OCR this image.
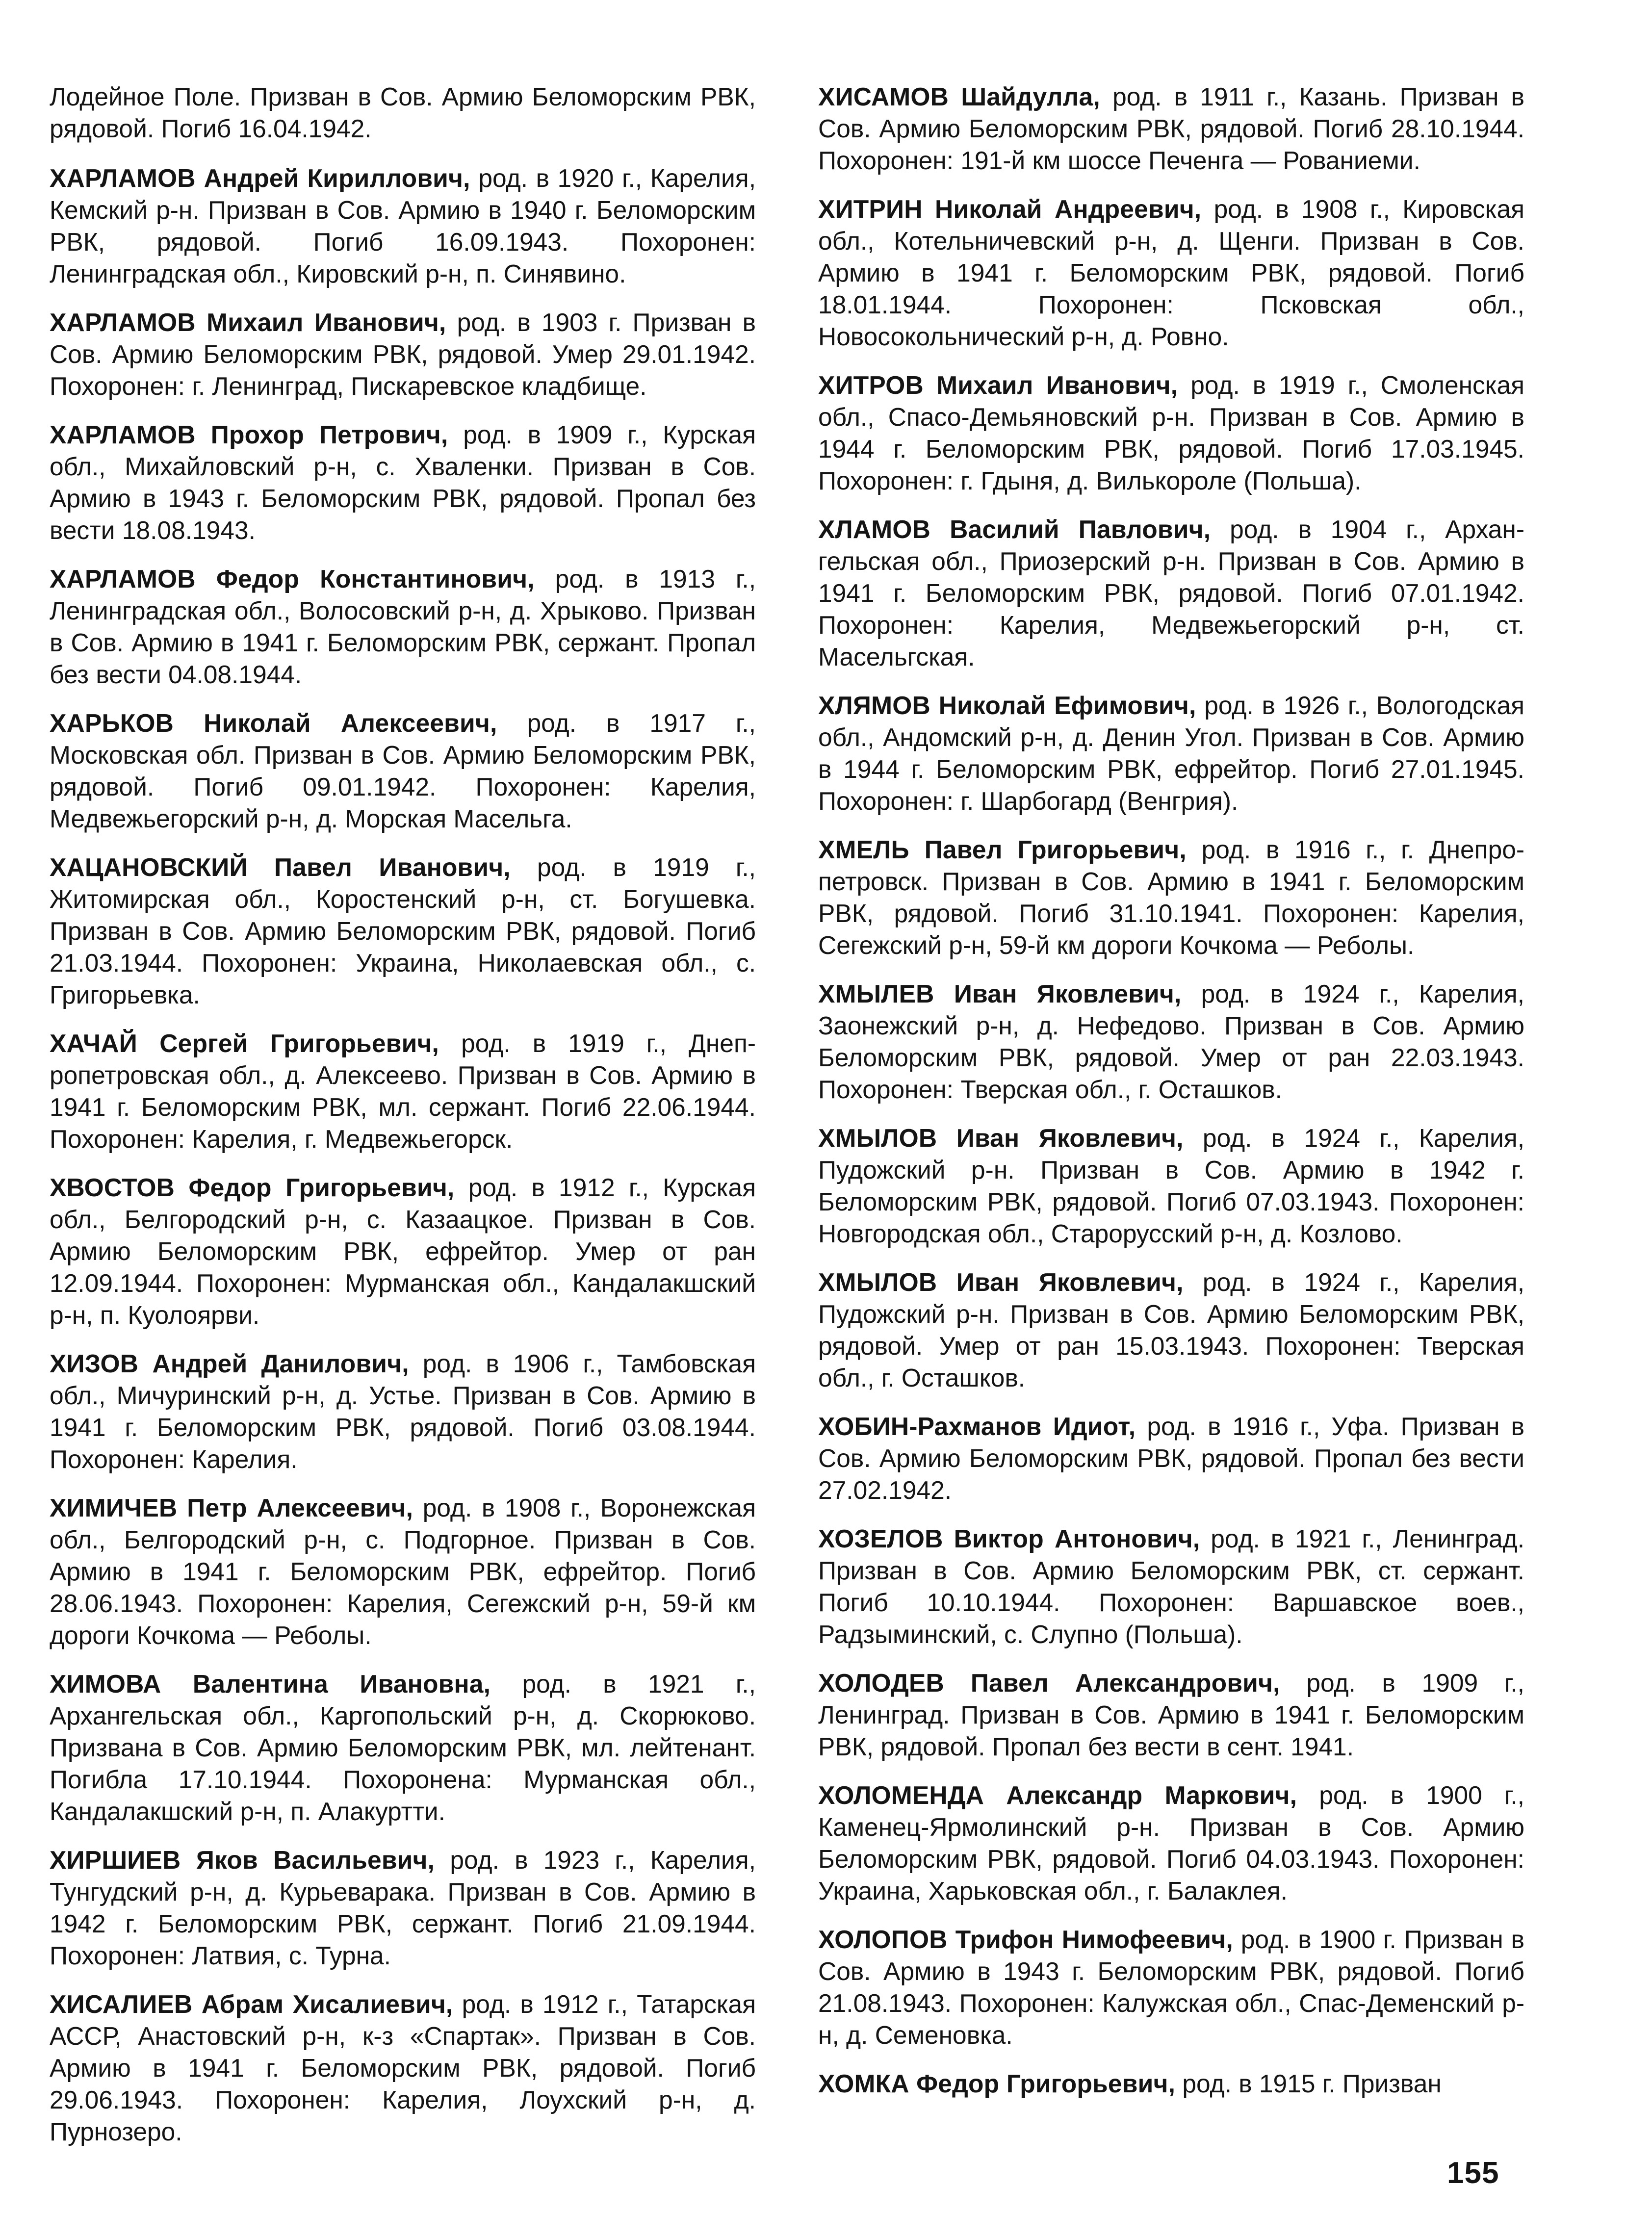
Лодейное Поле. Призван в Сов. Армию Беломорским РВК, рядовой. Погиб 16.04.1942.

ХАРЛАМОВ Андрей Кириллович, род. в 1920 г., Карелия, Кемский р-н. Призван в Сов. Армию в 1940 г. Беломорским РВК, рядовой. Погиб 16.09.1943. Похоронен: Ленинградская обл., Кировский р-н, п. Синявино.

ХАРЛАМОВ Михаил Иванович, род. в 1903 г. Призван в Сов. Армию Беломорским РВК, рядовой. Умер 29.01.1942. Похоронен: г. Ленинград, Пискаревское кладбище.

ХАРЛАМОВ Прохор Петрович, род. в 1909 г., Курская обл., Михайловский р-н, с. Хваленки. Призван в Сов. Армию в 1943 г. Беломорским РВК, рядовой. Пропал без вести 18.08.1943.

ХАРЛАМОВ Федор Константинович, род. в 1913 г., Ленинградская обл., Волосовский р-н, д. Хрыково. Призван в Сов. Армию в 1941 г. Беломорским РВК, сержант. Пропал без вести 04.08.1944.

ХАРЬКОВ Николай Алексеевич, род. в 1917 г., Московская обл. Призван в Сов. Армию Беломорским РВК, рядовой. Погиб 09.01.1942. Похоронен: Карелия, Медвежьегорский р-н, д. Морская Масельга.

ХАЦАНОВСКИЙ Павел Иванович, род. в 1919 г., Житомирская обл., Коростенский р-н, ст. Богушевка. Призван в Сов. Армию Беломорским РВК, рядовой. Погиб 21.03.1944. Похоронен: Украина, Николаевская обл., с. Григорьевка.

ХАЧАЙ Сергей Григорьевич, род. в 1919 г., Днепропетровская обл., д. Алексеево. Призван в Сов. Армию в 1941 г. Беломорским РВК, мл. сержант. Погиб 22.06.1944. Похоронен: Карелия, г. Медвежьегорск.

ХВОСТОВ Федор Григорьевич, род. в 1912 г., Курская обл., Белгородский р-н, с. Казаацкое. Призван в Сов. Армию Беломорским РВК, ефрейтор. Умер от ран 12.09.1944. Похоронен: Мурманская обл., Кандалакшский р-н, п. Куолоярви.

ХИЗОВ Андрей Данилович, род. в 1906 г., Тамбовская обл., Мичуринский р-н, д. Устье. Призван в Сов. Армию в 1941 г. Беломорским РВК, рядовой. Погиб 03.08.1944. Похоронен: Карелия.

ХИМИЧЕВ Петр Алексеевич, род. в 1908 г., Воронежская обл., Белгородский р-н, с. Подгорное. Призван в Сов. Армию в 1941 г. Беломорским РВК, ефрейтор. Погиб 28.06.1943. Похоронен: Карелия, Сегежский р-н, 59-й км дороги Кочкома — Реболы.

ХИМОВА Валентина Ивановна, род. в 1921 г., Архангельская обл., Каргопольский р-н, д. Скорюково. Призвана в Сов. Армию Беломорским РВК, мл. лейтенант. Погибла 17.10.1944. Похоронена: Мурманская обл., Кандалакшский р-н, п. Алакуртти.

ХИРШИЕВ Яков Васильевич, род. в 1923 г., Карелия, Тунгудский р-н, д. Курьеварака. Призван в Сов. Армию в 1942 г. Беломорским РВК, сержант. Погиб 21.09.1944. Похоронен: Латвия, с. Турна.

ХИСАЛИЕВ Абрам Хисалиевич, род. в 1912 г., Татарская АССР, Анастовский р-н, к-з «Спартак». Призван в Сов. Армию в 1941 г. Беломорским РВК, рядовой. Погиб 29.06.1943. Похоронен: Карелия, Лоухский р-н, д. Пурнозеро.

ХИСАМОВ Шайдулла, род. в 1911 г., Казань. Призван в Сов. Армию Беломорским РВК, рядовой. Погиб 28.10.1944. Похоронен: 191-й км шоссе Печенга — Рованиеми.

ХИТРИН Николай Андреевич, род. в 1908 г., Кировская обл., Котельничевский р-н, д. Щенги. Призван в Сов. Армию в 1941 г. Беломорским РВК, рядовой. Погиб 18.01.1944. Похоронен: Псковская обл., Новосокольнический р-н, д. Ровно.

ХИТРОВ Михаил Иванович, род. в 1919 г., Смоленская обл., Спасо-Демьяновский р-н. Призван в Сов. Армию в 1944 г. Беломорским РВК, рядовой. Погиб 17.03.1945. Похоронен: г. Гдыня, д. Вилькороле (Польша).

ХЛАМОВ Василий Павлович, род. в 1904 г., Архангельская обл., Приозерский р-н. Призван в Сов. Армию в 1941 г. Беломорским РВК, рядовой. Погиб 07.01.1942. Похоронен: Карелия, Медвежьегорский р-н, ст. Масельгская.

ХЛЯМОВ Николай Ефимович, род. в 1926 г., Вологодская обл., Андомский р-н, д. Денин Угол. Призван в Сов. Армию в 1944 г. Беломорским РВК, ефрейтор. Погиб 27.01.1945. Похоронен: г. Шарбогард (Венгрия).

ХМЕЛЬ Павел Григорьевич, род. в 1916 г., г. Днепропетровск. Призван в Сов. Армию в 1941 г. Беломорским РВК, рядовой. Погиб 31.10.1941. Похоронен: Карелия, Сегежский р-н, 59-й км дороги Кочкома — Реболы.

ХМЫЛЕВ Иван Яковлевич, род. в 1924 г., Карелия, Заонежский р-н, д. Нефедово. Призван в Сов. Армию Беломорским РВК, рядовой. Умер от ран 22.03.1943. Похоронен: Тверская обл., г. Осташков.

ХМЫЛОВ Иван Яковлевич, род. в 1924 г., Карелия, Пудожский р-н. Призван в Сов. Армию в 1942 г. Беломорским РВК, рядовой. Погиб 07.03.1943. Похоронен: Новгородская обл., Старорусский р-н, д. Козлово.

ХМЫЛОВ Иван Яковлевич, род. в 1924 г., Карелия, Пудожский р-н. Призван в Сов. Армию Беломорским РВК, рядовой. Умер от ран 15.03.1943. Похоронен: Тверская обл., г. Осташков.

ХОБИН-Рахманов Идиот, род. в 1916 г., Уфа. Призван в Сов. Армию Беломорским РВК, рядовой. Пропал без вести 27.02.1942.

ХОЗЕЛОВ Виктор Антонович, род. в 1921 г., Ленинград. Призван в Сов. Армию Беломорским РВК, ст. сержант. Погиб 10.10.1944. Похоронен: Варшавское воев., Радзыминский, с. Слупно (Польша).

ХОЛОДЕВ Павел Александрович, род. в 1909 г., Ленинград. Призван в Сов. Армию в 1941 г. Беломорским РВК, рядовой. Пропал без вести в сент. 1941.

ХОЛОМЕНДА Александр Маркович, род. в 1900 г., Каменец-Ярмолинский р-н. Призван в Сов. Армию Беломорским РВК, рядовой. Погиб 04.03.1943. Похоронен: Украина, Харьковская обл., г. Балаклея.

ХОЛОПОВ Трифон Нимофеевич, род. в 1900 г. Призван в Сов. Армию в 1943 г. Беломорским РВК, рядовой. Погиб 21.08.1943. Похоронен: Калужская обл., Спас-Деменский р-н, д. Семеновка.

ХОМКА Федор Григорьевич, род. в 1915 г. Призван

155
